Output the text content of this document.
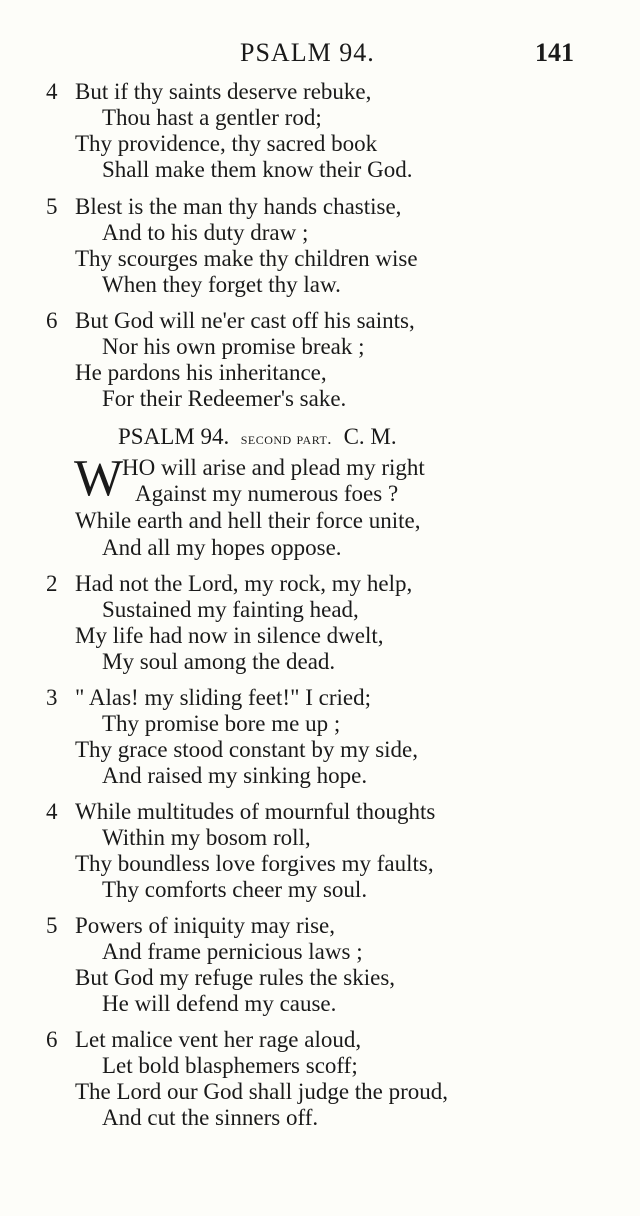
PSALM 94.	141
4 But if thy saints deserve rebuke,
Thou hast a gentler rod;
Thy providence, thy sacred book
Shall make them know their God.
5 Blest is the man thy hands chastise,
And to his duty draw ;
Thy scourges make thy children wise
When they forget thy law.
6 But God will ne'er cast off his saints,
Nor his own promise break ;
He pardons his inheritance,
For their Redeemer's sake.
PSALM 94. second part. C. M.
W
HO will arise and plead my right
Against my numerous foes ?
While earth and hell their force unite,
And all my hopes oppose.
2 Had not the Lord, my rock, my help,
Sustained my fainting head,
My life had now in silence dwelt,
My soul among the dead.
3 " Alas! my sliding feet!" I cried;
Thy promise bore me up ;
Thy grace stood constant by my side,
And raised my sinking hope.
4 While multitudes of mournful thoughts
Within my bosom roll,
Thy boundless love forgives my faults,
Thy comforts cheer my soul.
5 Powers of iniquity may rise,
And frame pernicious laws ;
But God my refuge rules the skies,
He will defend my cause.
6 Let malice vent her rage aloud,
Let bold blasphemers scoff;
The Lord our God shall judge the proud,
And cut the sinners off.
